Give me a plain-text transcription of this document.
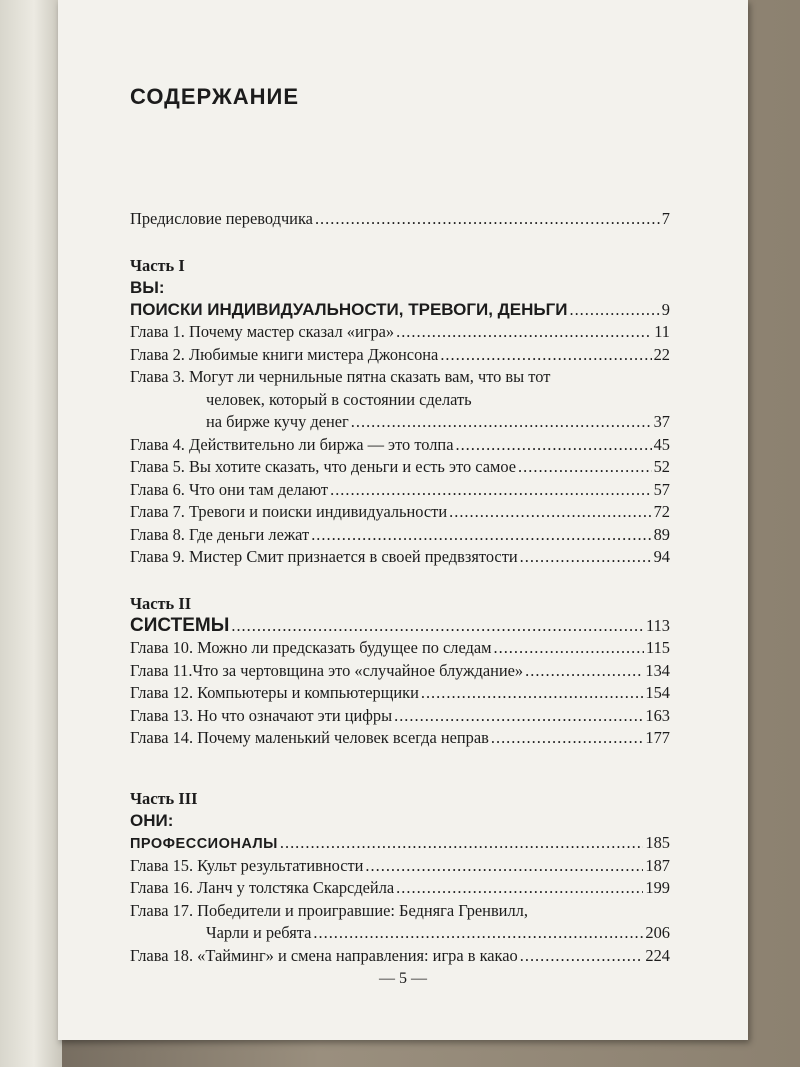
СОДЕРЖАНИЕ
Предисловие переводчика .....	7
Часть I
ВЫ:
ПОИСКИ ИНДИВИДУАЛЬНОСТИ, ТРЕВОГИ, ДЕНЬГИ .....	9
Глава 1. Почему мастер сказал «игра» .....	11
Глава 2. Любимые книги мистера Джонсона .....	22
Глава 3. Могут ли чернильные пятна сказать вам, что вы тот
человек, который в состоянии сделать
на бирже кучу денег .....	37
Глава 4. Действительно ли биржа — это толпа .....	45
Глава 5. Вы хотите сказать, что деньги и есть это самое .....	52
Глава 6. Что они там делают .....	57
Глава 7. Тревоги и поиски индивидуальности .....	72
Глава 8. Где деньги лежат .....	89
Глава 9. Мистер Смит признается в своей предвзятости .....	94
Часть II
СИСТЕМЫ .....	113
Глава 10. Можно ли предсказать будущее по следам .....	115
Глава 11.Что за чертовщина это «случайное блуждание» .....	134
Глава 12. Компьютеры и компьютерщики .....	154
Глава 13. Но что означают эти цифры .....	163
Глава 14. Почему маленький человек всегда неправ .....	177
Часть III
ОНИ:
ПРОФЕССИОНАЛЫ .....	185
Глава 15. Культ результативности .....	187
Глава 16. Ланч у толстяка Скарсдейла .....	199
Глава 17. Победители и проигравшие: Бедняга Гренвилл,
Чарли и ребята .....	206
Глава 18. «Тайминг» и смена направления: игра в какао .....	224
— 5 —
